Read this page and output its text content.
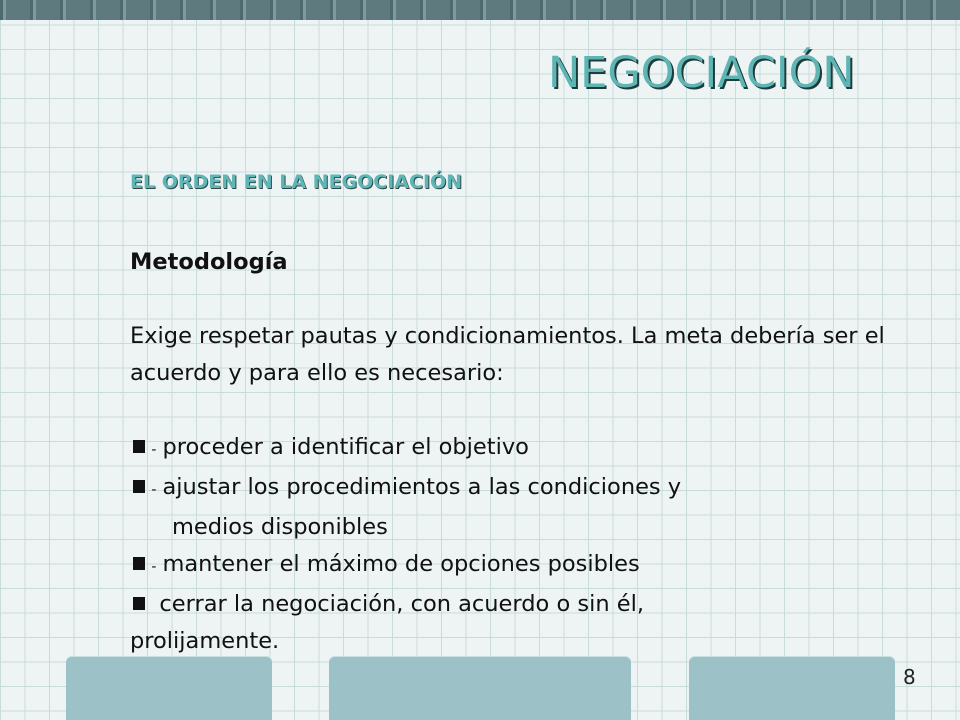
NEGOCIACIÓN
EL ORDEN EN LA NEGOCIACIÓN

Metodología

Exige respetar pautas y condicionamientos. La meta debería ser el acuerdo y para ello es necesario:

- proceder a identificar el objetivo
- ajustar los procedimientos a las condiciones y
medios disponibles
- mantener el máximo de opciones posibles
cerrar la negociación, con acuerdo o sin él,

prolijamente.

8
